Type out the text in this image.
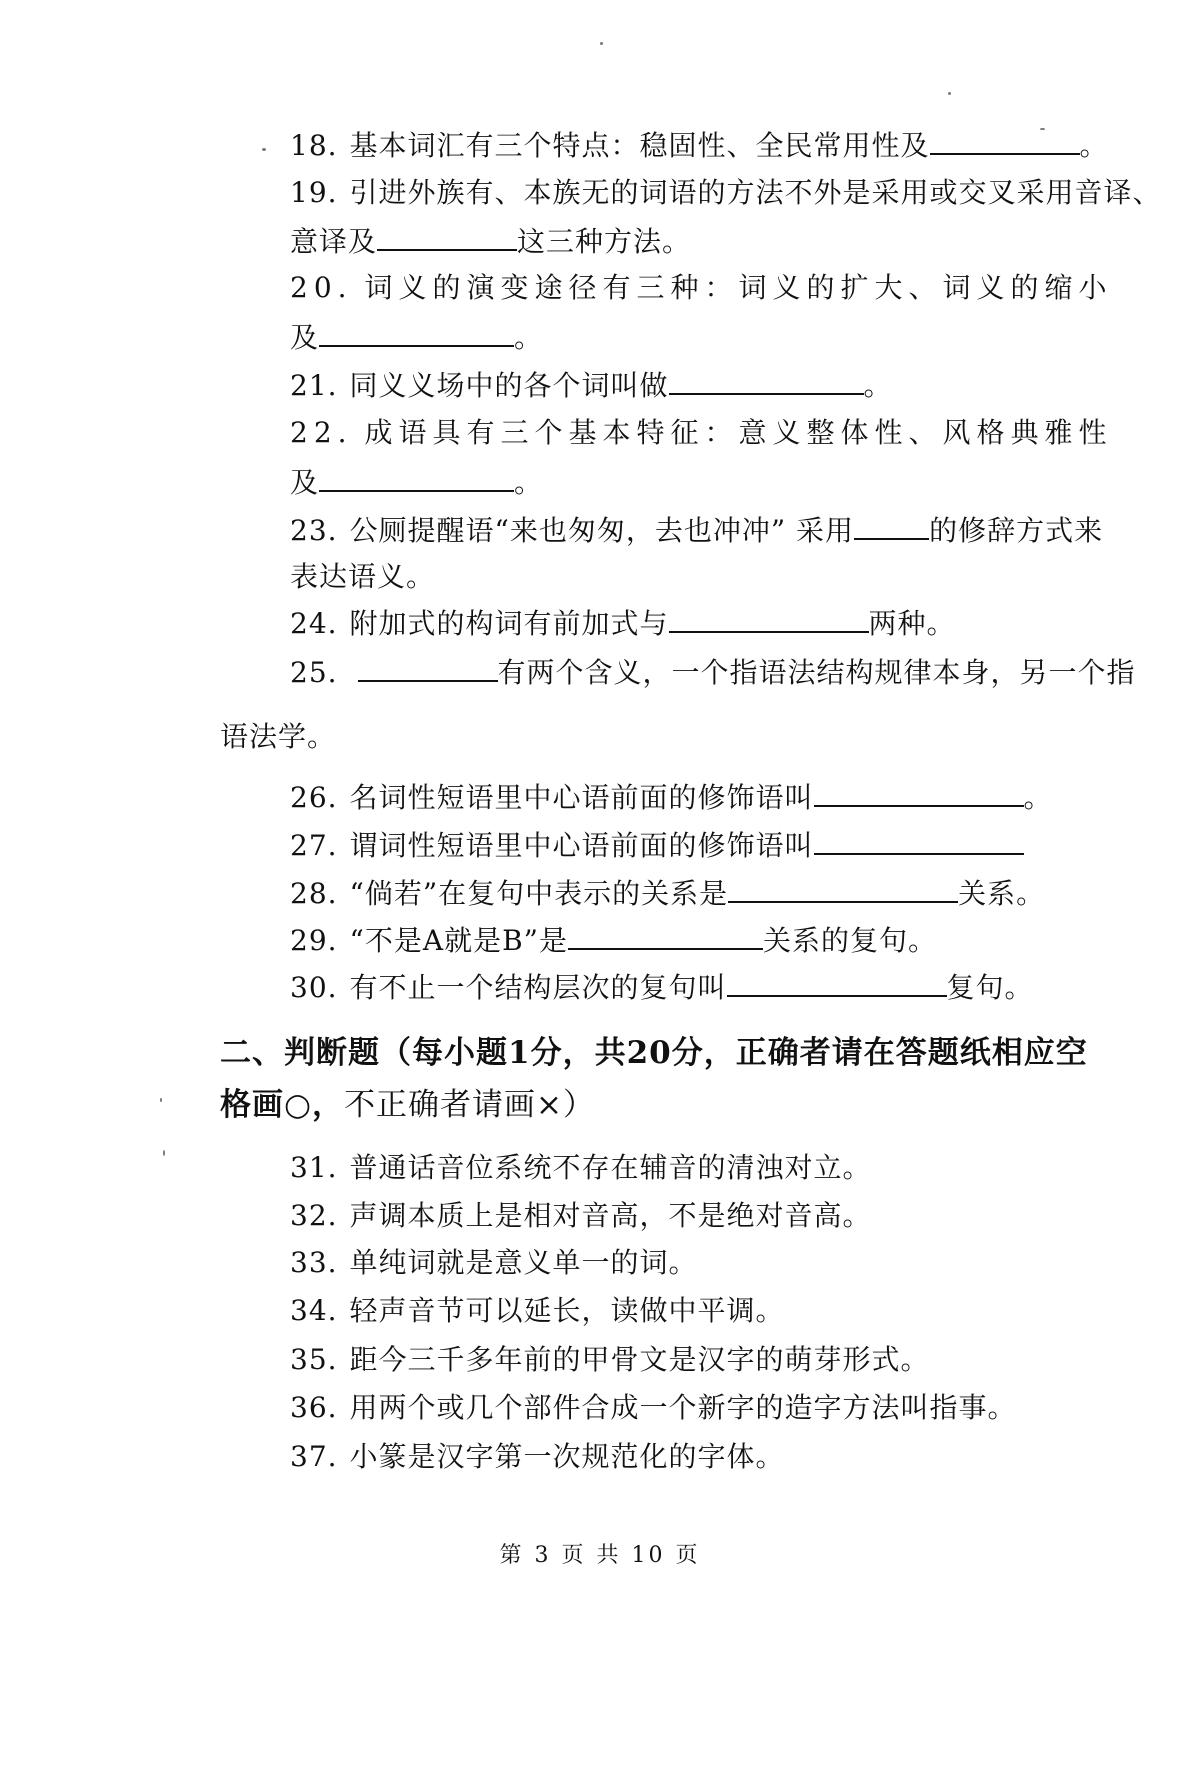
18. 基本词汇有三个特点：稳固性、全民常用性及	。
19. 引进外族有、本族无的词语的方法不外是采用或交叉采用音译、
意译及	这三种方法。
20. 词义的演变途径有三种：词义的扩大、词义的缩小
及	。
21. 同义义场中的各个词叫做	。
22. 成语具有三个基本特征：意义整体性、风格典雅性
及	。
23. 公厕提醒语“来也匆匆，去也冲冲” 采用	的修辞方式来
表达语义。
24. 附加式的构词有前加式与	两种。
25.	有两个含义，一个指语法结构规律本身，另一个指
语法学。
26. 名词性短语里中心语前面的修饰语叫	。
27. 谓词性短语里中心语前面的修饰语叫
28. “倘若”在复句中表示的关系是	关系。
29. “不是A就是B”是	关系的复句。
30. 有不止一个结构层次的复句叫	复句。
二、判断题（每小题1分，共20分，正确者请在答题纸相应空
格画○，不正确者请画×）
31. 普通话音位系统不存在辅音的清浊对立。
32. 声调本质上是相对音高，不是绝对音高。
33. 单纯词就是意义单一的词。
34. 轻声音节可以延长，读做中平调。
35. 距今三千多年前的甲骨文是汉字的萌芽形式。
36. 用两个或几个部件合成一个新字的造字方法叫指事。
37. 小篆是汉字第一次规范化的字体。
第 3 页 共 10 页
